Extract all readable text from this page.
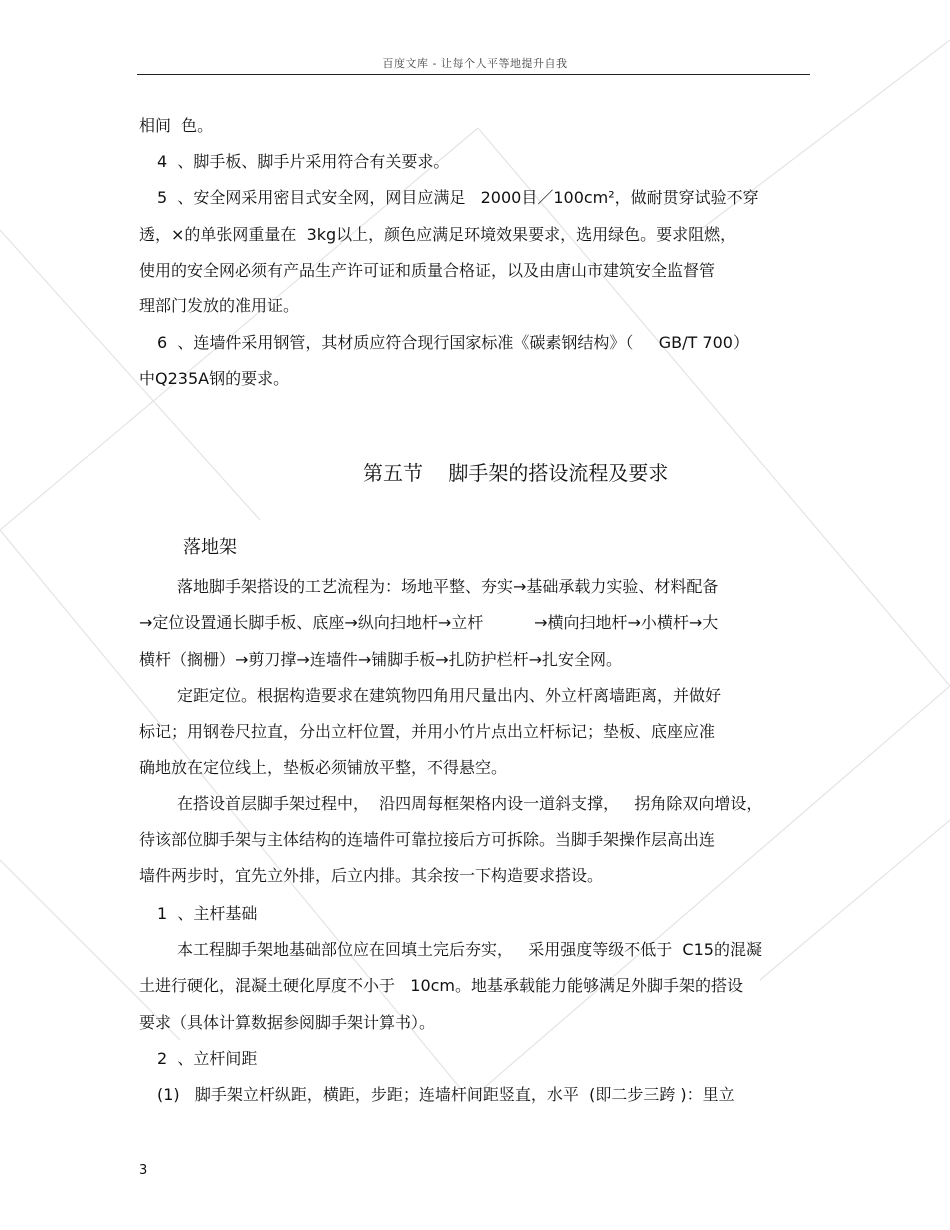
百度文库 - 让每个人平等地提升自我
相间  色。
4  、脚手板、脚手片采用符合有关要求。
5  、安全网采用密目式安全网，网目应满足   2000目／100cm²，做耐贯穿试验不穿
透，×的单张网重量在  3kg以上，颜色应满足环境效果要求，选用绿色。要求阻燃，
使用的安全网必须有产品生产许可证和质量合格证，以及由唐山市建筑安全监督管
理部门发放的准用证。
6  、连墙件采用钢管，其材质应符合现行国家标准《碳素钢结构》（     GB/T 700）
中Q235A钢的要求。
第五节    脚手架的搭设流程及要求
落地架
落地脚手架搭设的工艺流程为：场地平整、夯实→基础承载力实验、材料配备
→定位设置通长脚手板、底座→纵向扫地杆→立杆          →横向扫地杆→小横杆→大
横杆（搁栅）→剪刀撑→连墙件→铺脚手板→扎防护栏杆→扎安全网。
定距定位。根据构造要求在建筑物四角用尺量出内、外立杆离墙距离，并做好
标记；用钢卷尺拉直，分出立杆位置，并用小竹片点出立杆标记；垫板、底座应准
确地放在定位线上，垫板必须铺放平整，不得悬空。
在搭设首层脚手架过程中，  沿四周每框架格内设一道斜支撑，   拐角除双向增设，
待该部位脚手架与主体结构的连墙件可靠拉接后方可拆除。当脚手架操作层高出连
墙件两步时，宜先立外排，后立内排。其余按一下构造要求搭设。
1  、主杆基础
本工程脚手架地基础部位应在回填土完后夯实，   采用强度等级不低于  C15的混凝
土进行硬化，混凝土硬化厚度不小于   10cm。地基承载能力能够满足外脚手架的搭设
要求（具体计算数据参阅脚手架计算书）。
2  、立杆间距
(1)   脚手架立杆纵距，横距，步距；连墙杆间距竖直，水平  (即二步三跨 )：里立
3
